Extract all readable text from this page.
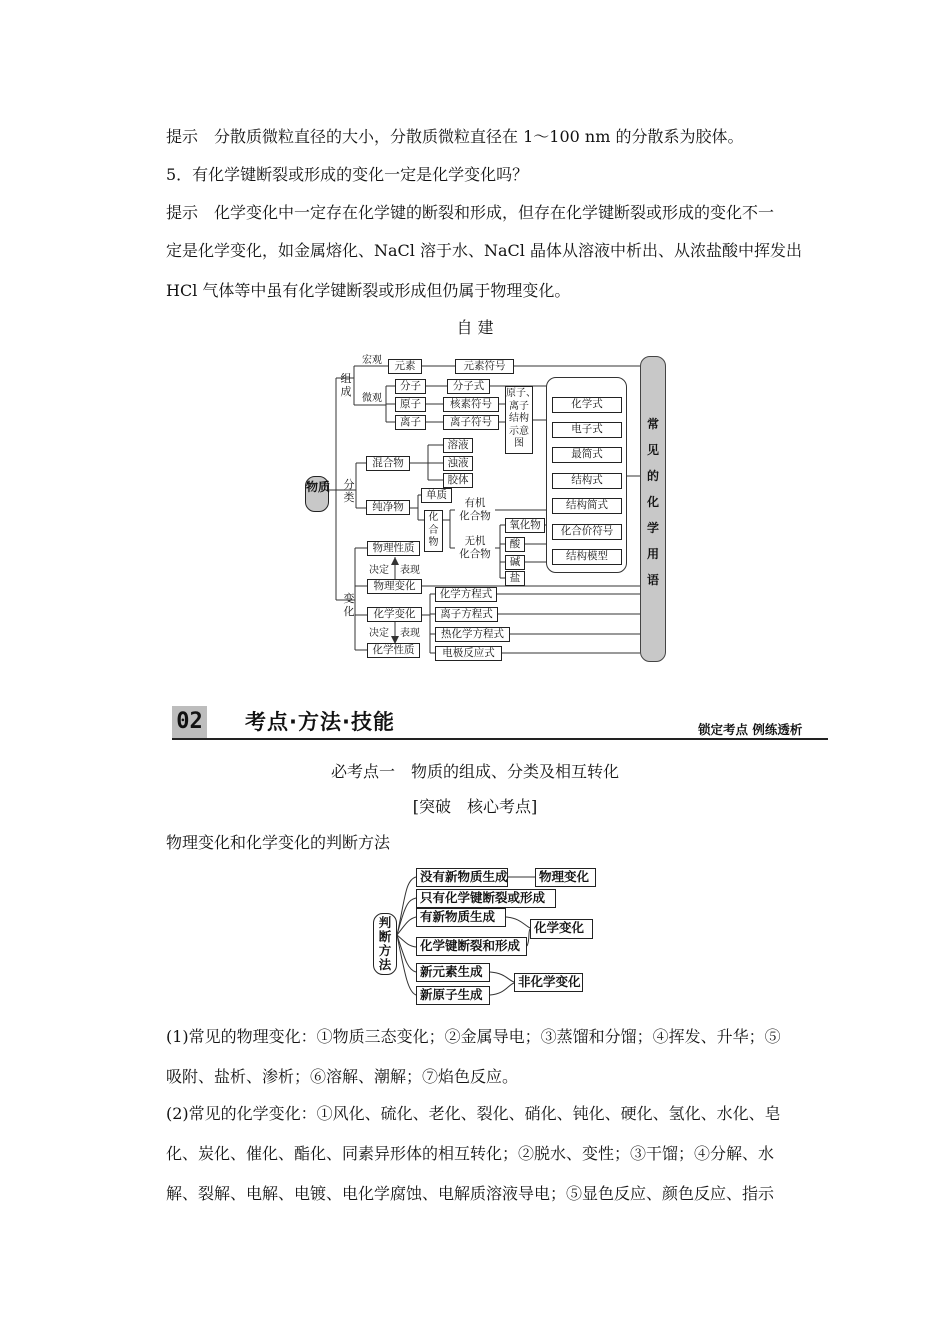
提示　分散质微粒直径的大小，分散质微粒直径在 1～100 nm 的分散系为胶体。
5．有化学键断裂或形成的变化一定是化学变化吗？
提示　化学变化中一定存在化学键的断裂和形成，但存在化学键断裂或形成的变化不一
定是化学变化，如金属熔化、NaCl 溶于水、NaCl 晶体从溶液中析出、从浓盐酸中挥发出
HCl 气体等中虽有化学键断裂或形成但仍属于物理变化。
自 建
物质
组
成
分
类
变
化
宏观
微观
元素	元素符号
分子	分子式
原子	核素符号
离子	离子符号
原子、
离子
结构
示意
图
混合物
溶液
浊液
胶体
纯净物
单质
化
合
物
有机
化合物
无机
化合物
氧化物
酸
碱
盐
化学式
电子式
最简式
结构式
结构简式
化合价符号
结构模型
常
见
的
化
学
用
语
物理性质
决定 表现
物理变化
化学变化
决定 表现
化学性质
化学方程式
离子方程式
热化学方程式
电极反应式
02 考点·方法·技能	锁定考点 例练透析
必考点一　物质的组成、分类及相互转化
[突破　核心考点]
物理变化和化学变化的判断方法
判
断
方
法
没有新物质生成	物理变化
只有化学键断裂或形成
有新物质生成
化学变化
化学键断裂和形成
新元素生成
非化学变化
新原子生成
(1)常见的物理变化：①物质三态变化；②金属导电；③蒸馏和分馏；④挥发、升华；⑤
吸附、盐析、渗析；⑥溶解、潮解；⑦焰色反应。
(2)常见的化学变化：①风化、硫化、老化、裂化、硝化、钝化、硬化、氢化、水化、皂
化、炭化、催化、酯化、同素异形体的相互转化；②脱水、变性；③干馏；④分解、水
解、裂解、电解、电镀、电化学腐蚀、电解质溶液导电；⑤显色反应、颜色反应、指示
